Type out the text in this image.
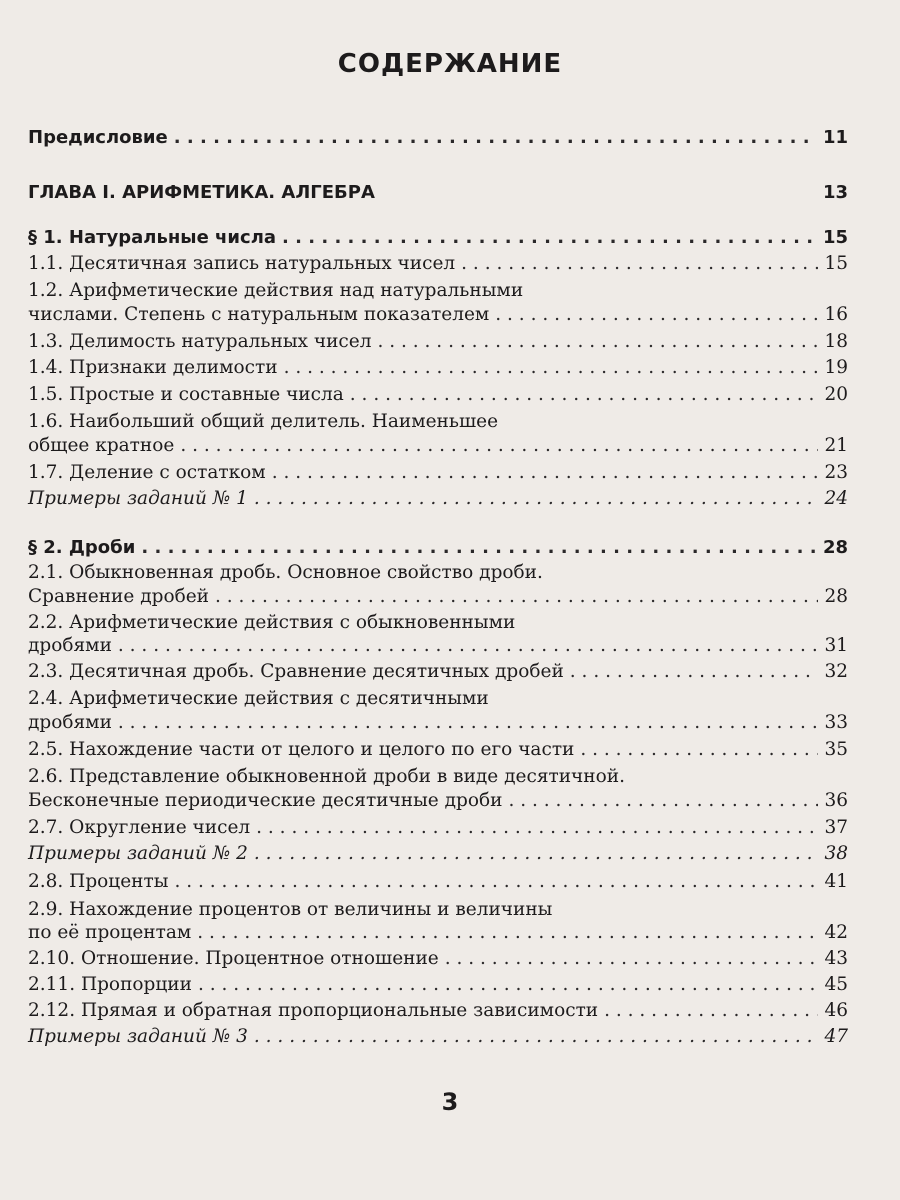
СОДЕРЖАНИЕ
Предисловие . . .	11
ГЛАВА I. АРИФМЕТИКА. АЛГЕБРА	13
§ 1. Натуральные числа . . .	15
1.1. Десятичная запись натуральных чисел . . .	15
1.2. Арифметические действия над натуральными
числами. Степень с натуральным показателем . . .	16
1.3. Делимость натуральных чисел . . .	18
1.4. Признаки делимости . . .	19
1.5. Простые и составные числа . . .	20
1.6. Наибольший общий делитель. Наименьшее
общее кратное . . .	21
1.7. Деление с остатком . . .	23
Примеры заданий № 1 . . .	24
§ 2. Дроби . . .	28
2.1. Обыкновенная дробь. Основное свойство дроби.
Сравнение дробей . . .	28
2.2. Арифметические действия с обыкновенными
дробями . . .	31
2.3. Десятичная дробь. Сравнение десятичных дробей . . .	32
2.4. Арифметические действия с десятичными
дробями . . .	33
2.5. Нахождение части от целого и целого по его части . . .	35
2.6. Представление обыкновенной дроби в виде десятичной.
Бесконечные периодические десятичные дроби . . .	36
2.7. Округление чисел . . .	37
Примеры заданий № 2 . . .	38
2.8. Проценты . . .	41
2.9. Нахождение процентов от величины и величины
по её процентам . . .	42
2.10. Отношение. Процентное отношение . . .	43
2.11. Пропорции . . .	45
2.12. Прямая и обратная пропорциональные зависимости . . .	46
Примеры заданий № 3 . . .	47
3
